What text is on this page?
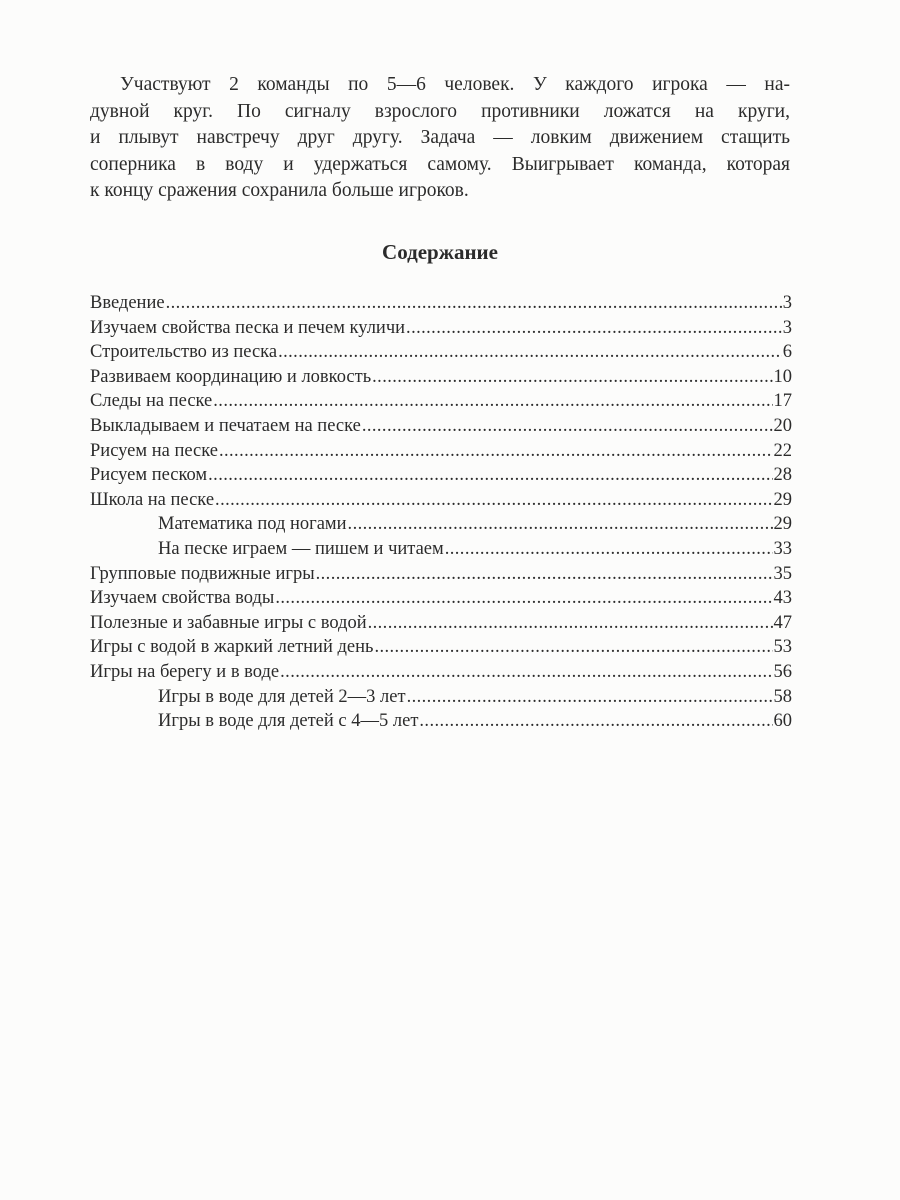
Участвуют 2 команды по 5—6 человек. У каждого игрока — на-
дувной круг. По сигналу взрослого противники ложатся на круги,
и плывут навстречу друг другу. Задача — ловким движением стащить
соперника в воду и удержаться самому. Выигрывает команда, которая
к концу сражения сохранила больше игроков.
Содержание
Введение .....	3
Изучаем свойства песка и печем куличи .....	3
Строительство из песка .....	6
Развиваем координацию и ловкость .....	10
Следы на песке .....	17
Выкладываем и печатаем на песке .....	20
Рисуем на песке .....	22
Рисуем песком .....	28
Школа на песке .....	29
Математика под ногами .....	29
На песке играем — пишем и читаем .....	33
Групповые подвижные игры .....	35
Изучаем свойства воды .....	43
Полезные и забавные игры с водой .....	47
Игры с водой в жаркий летний день .....	53
Игры на берегу и в воде .....	56
Игры в воде для детей 2—3 лет .....	58
Игры в воде для детей с 4—5 лет .....	60
